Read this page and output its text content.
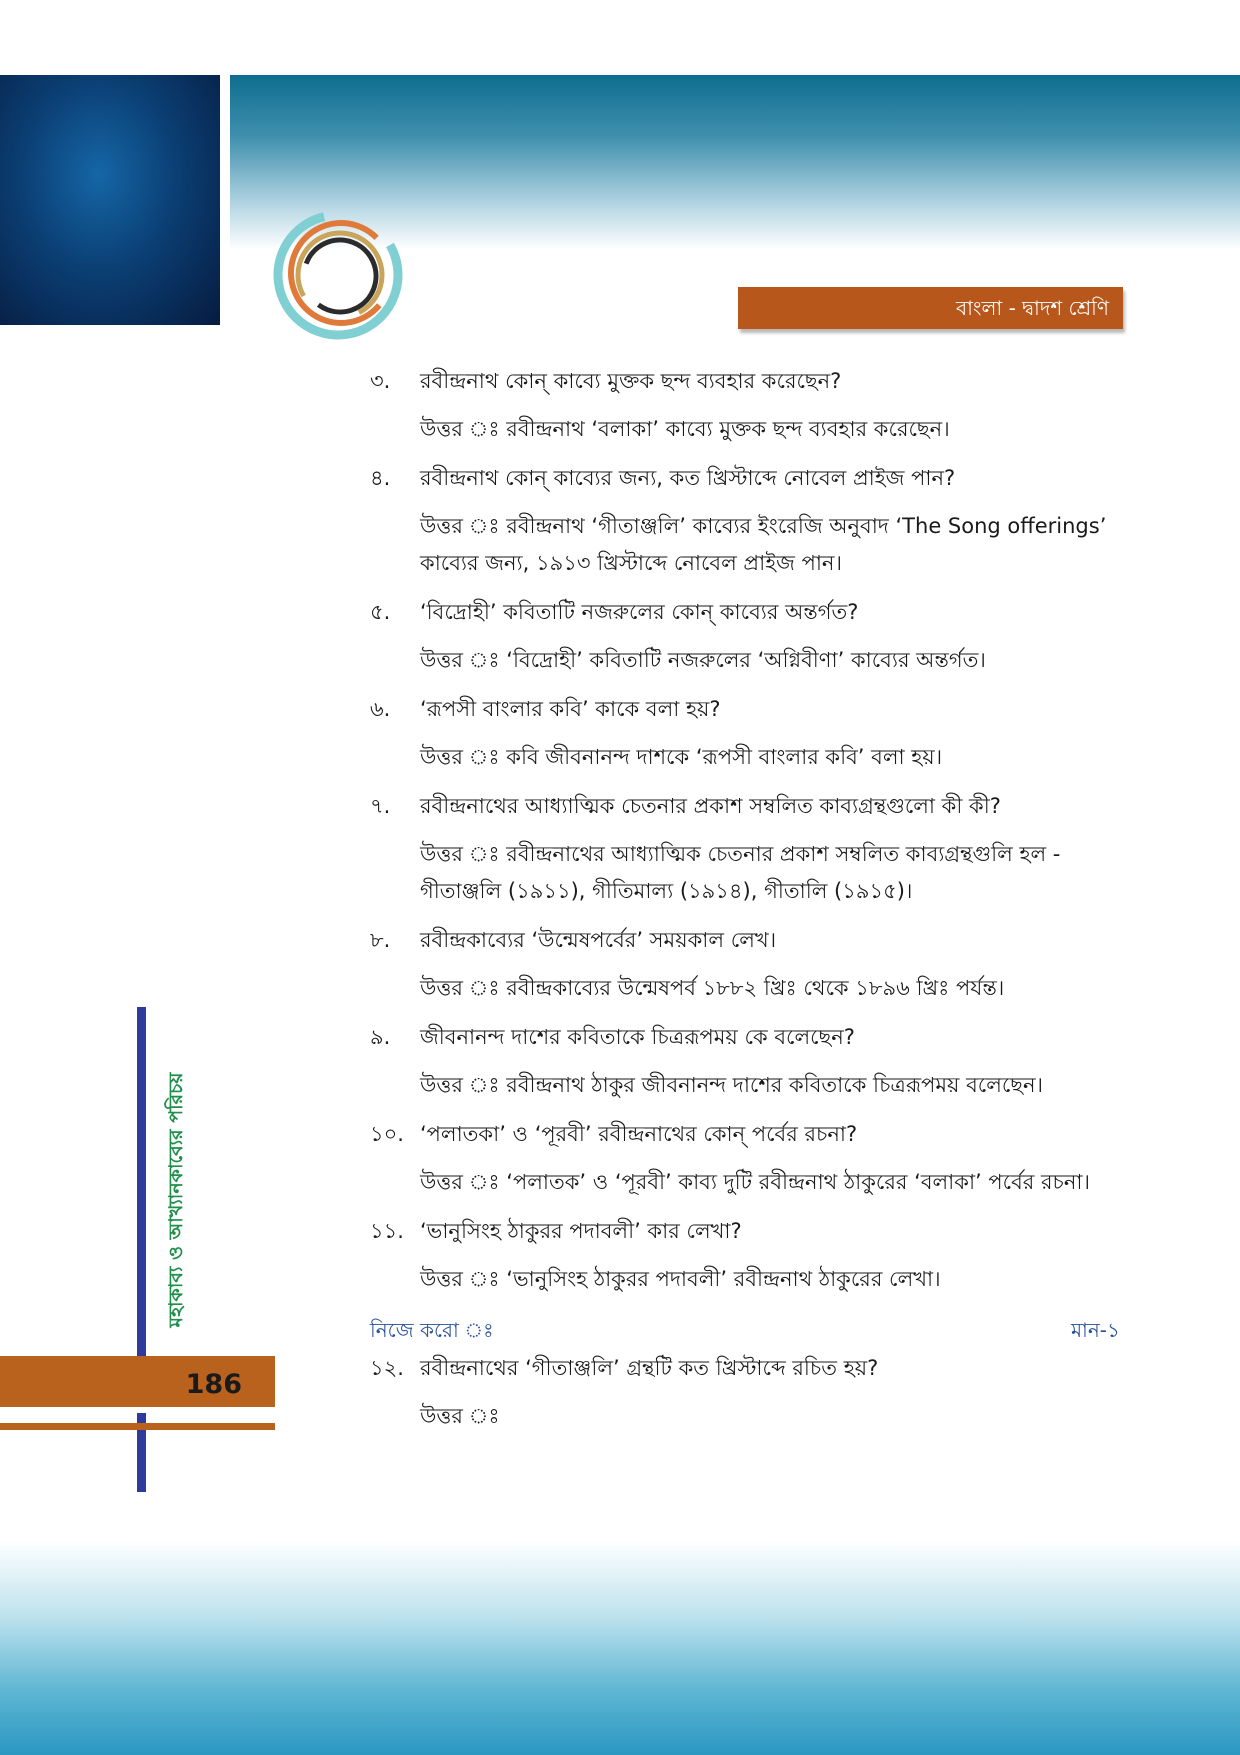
বাংলা - দ্বাদশ শ্রেণি
৩.	রবীন্দ্রনাথ কোন্ কাব্যে মুক্তক ছন্দ ব্যবহার করেছেন?
উত্তর ঃ রবীন্দ্রনাথ ‘বলাকা’ কাব্যে মুক্তক ছন্দ ব্যবহার করেছেন।
৪.	রবীন্দ্রনাথ কোন্ কাব্যের জন্য, কত খ্রিস্টাব্দে নোবেল প্রাইজ পান?
উত্তর ঃ রবীন্দ্রনাথ ‘গীতাঞ্জলি’ কাব্যের ইংরেজি অনুবাদ ‘The Song offerings’ কাব্যের জন্য, ১৯১৩ খ্রিস্টাব্দে নোবেল প্রাইজ পান।
৫.	‘বিদ্রোহী’ কবিতাটি নজরুলের কোন্ কাব্যের অন্তর্গত?
উত্তর ঃ ‘বিদ্রোহী’ কবিতাটি নজরুলের ‘অগ্নিবীণা’ কাব্যের অন্তর্গত।
৬.	‘রূপসী বাংলার কবি’ কাকে বলা হয়?
উত্তর ঃ কবি জীবনানন্দ দাশকে ‘রূপসী বাংলার কবি’ বলা হয়।
৭.	রবীন্দ্রনাথের আধ্যাত্মিক চেতনার প্রকাশ সম্বলিত কাব্যগ্রন্থগুলো কী কী?
উত্তর ঃ রবীন্দ্রনাথের আধ্যাত্মিক চেতনার প্রকাশ সম্বলিত কাব্যগ্রন্থগুলি হল - গীতাঞ্জলি (১৯১১), গীতিমাল্য (১৯১৪), গীতালি (১৯১৫)।
৮.	রবীন্দ্রকাব্যের ‘উন্মেষপর্বের’ সময়কাল লেখ।
উত্তর ঃ রবীন্দ্রকাব্যের উন্মেষপর্ব ১৮৮২ খ্রিঃ থেকে ১৮৯৬ খ্রিঃ পর্যন্ত।
৯.	জীবনানন্দ দাশের কবিতাকে চিত্ররূপময় কে বলেছেন?
উত্তর ঃ রবীন্দ্রনাথ ঠাকুর জীবনানন্দ দাশের কবিতাকে চিত্ররূপময় বলেছেন।
১০. ‘পলাতকা’ ও ‘পূরবী’ রবীন্দ্রনাথের কোন্ পর্বের রচনা?
উত্তর ঃ ‘পলাতক’ ও ‘পূরবী’ কাব্য দুটি রবীন্দ্রনাথ ঠাকুরের ‘বলাকা’ পর্বের রচনা।
১১. ‘ভানুসিংহ ঠাকুরর পদাবলী’ কার লেখা?
উত্তর ঃ ‘ভানুসিংহ ঠাকুরর পদাবলী’ রবীন্দ্রনাথ ঠাকুরের লেখা।
নিজে করো ঃ	মান-১
১২. রবীন্দ্রনাথের ‘গীতাঞ্জলি’ গ্রন্থটি কত খ্রিস্টাব্দে রচিত হয়?
উত্তর ঃ
মহাকাব্য ও আখ্যানকাব্যের পরিচয়
186
